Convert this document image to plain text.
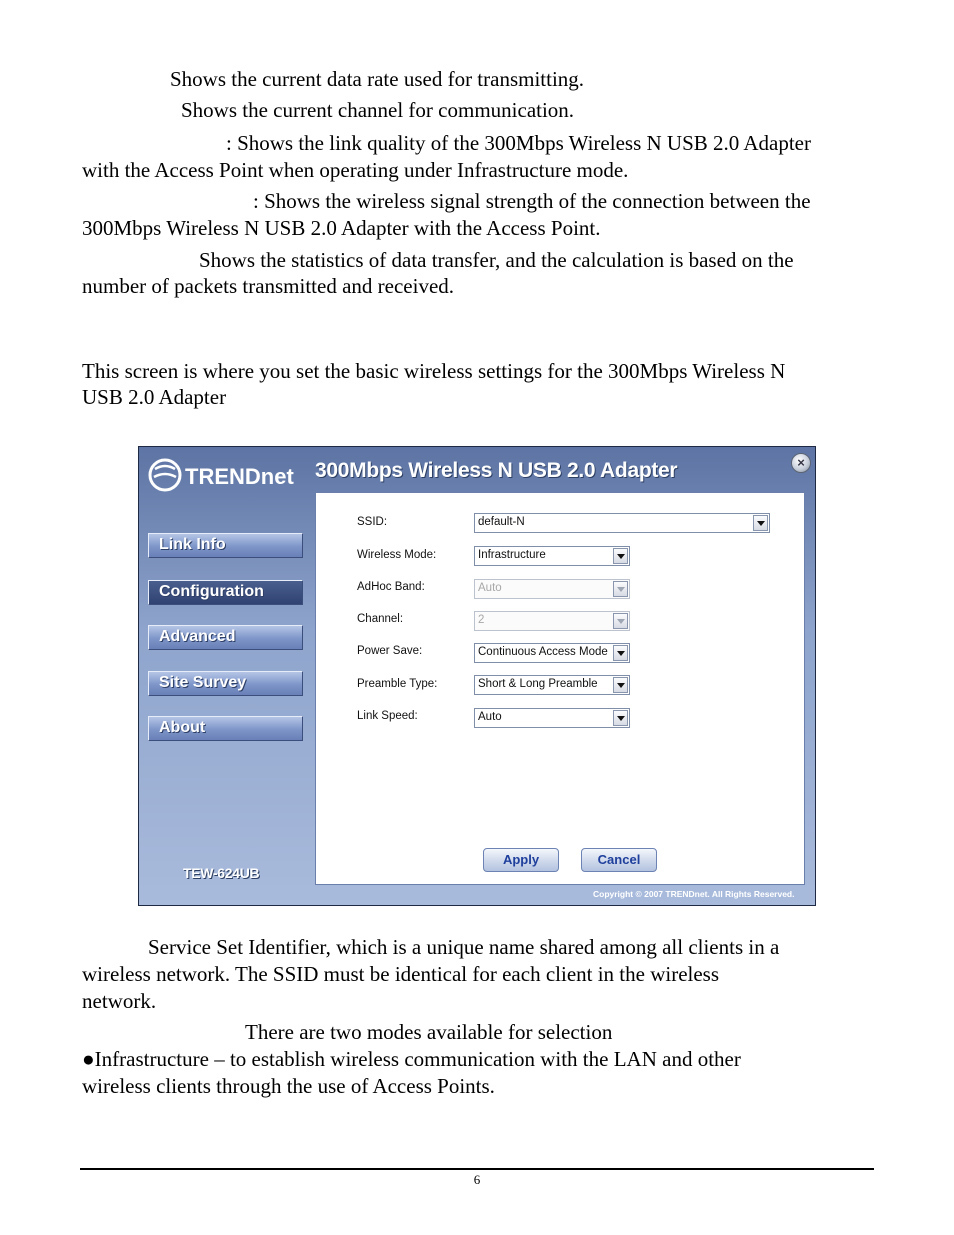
Shows the current data rate used for transmitting.

Shows the current channel for communication.

: Shows the link quality of the 300Mbps Wireless N USB 2.0 Adapter

with the Access Point when operating under Infrastructure mode.

: Shows the wireless signal strength of the connection between the

300Mbps Wireless N USB 2.0 Adapter with the Access Point.

Shows the statistics of data transfer, and the calculation is based on the

number of packets transmitted and received.

This screen is where you set the basic wireless settings for the 300Mbps Wireless N

USB 2.0 Adapter

TRENDnet 300Mbps Wireless N USB 2.0 Adapter	×
Link Info
Configuration
Advanced
Site Survey
About
TEW-624UB
SSID:	default-N
Wireless Mode:	Infrastructure
AdHoc Band:	Auto
Channel:	2
Power Save:	Continuous Access Mode
Preamble Type:	Short & Long Preamble
Link Speed:	Auto
Apply	Cancel
Copyright © 2007 TRENDnet. All Rights Reserved.

Service Set Identifier, which is a unique name shared among all clients in a

wireless network. The SSID must be identical for each client in the wireless

network.

There are two modes available for selection

●Infrastructure – to establish wireless communication with the LAN and other

wireless clients through the use of Access Points.

6
